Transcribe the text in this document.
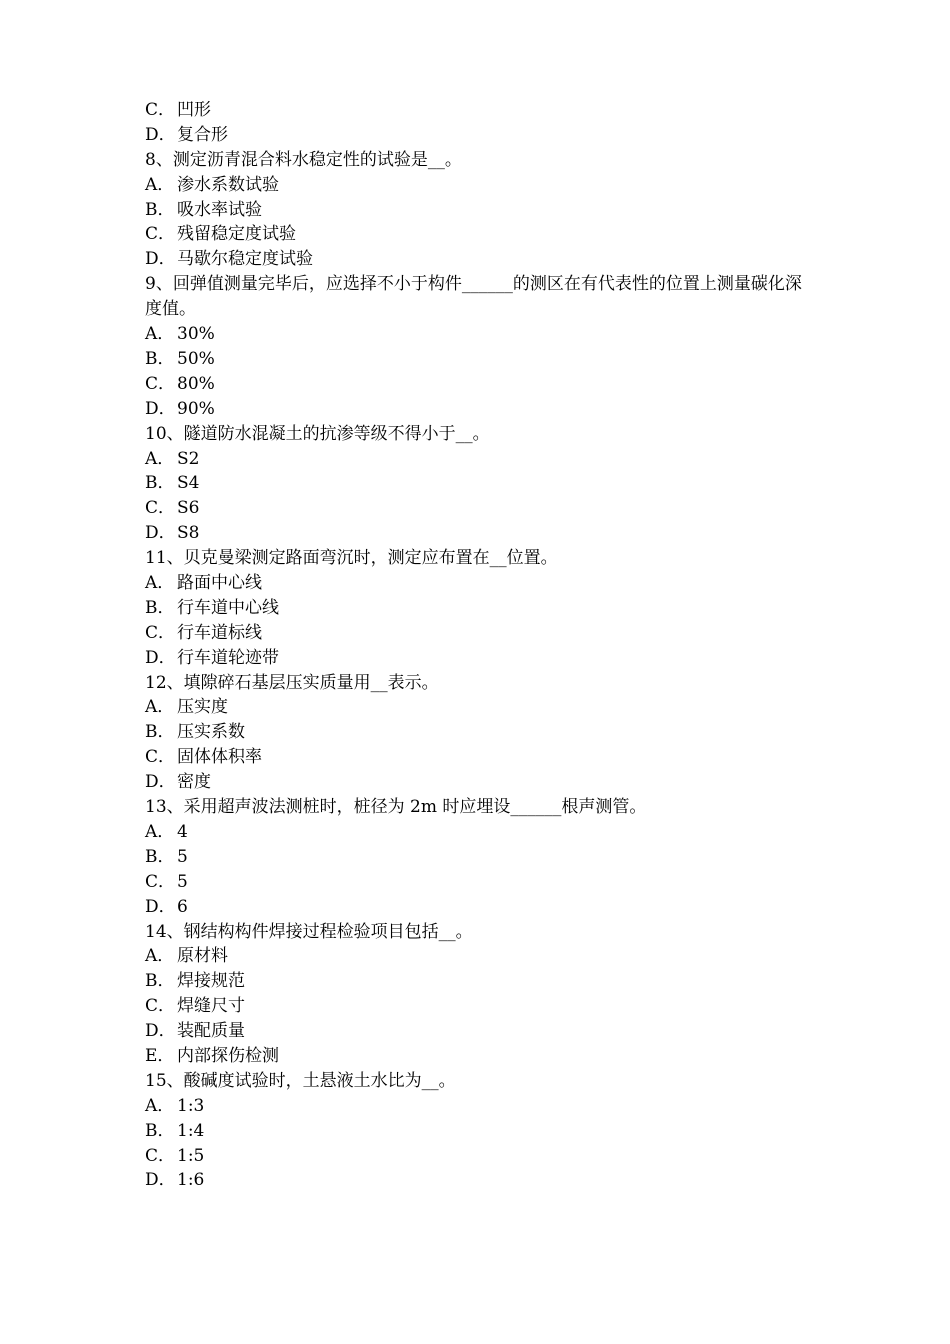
C． 凹形
D．复合形
8、测定沥青混合料水稳定性的试验是__。
A． 渗水系数试验
B． 吸水率试验
C． 残留稳定度试验
D．马歇尔稳定度试验
9、回弹值测量完毕后，应选择不小于构件______的测区在有代表性的位置上测量碳化深度值。
A． 30%
B． 50%
C． 80%
D．90%
10、隧道防水混凝土的抗渗等级不得小于__。
A． S2
B． S4
C． S6
D．S8
11、贝克曼梁测定路面弯沉时，测定应布置在__位置。
A． 路面中心线
B． 行车道中心线
C． 行车道标线
D．行车道轮迹带
12、填隙碎石基层压实质量用__表示。
A． 压实度
B． 压实系数
C． 固体体积率
D．密度
13、采用超声波法测桩时，桩径为 2m 时应埋设______根声测管。
A． 4
B． 5
C． 5
D．6
14、钢结构构件焊接过程检验项目包括__。
A． 原材料
B． 焊接规范
C． 焊缝尺寸
D．装配质量
E． 内部探伤检测
15、酸碱度试验时，土悬液土水比为__。
A． 1:3
B． 1:4
C． 1:5
D．1:6
